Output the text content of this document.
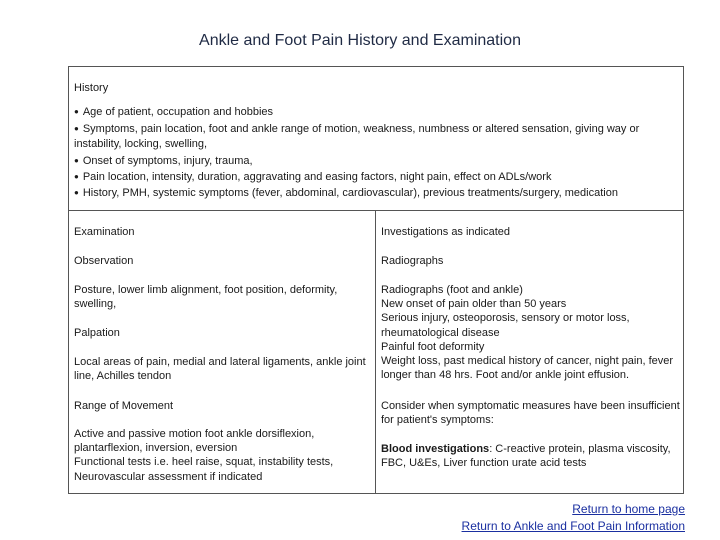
Ankle and Foot Pain History and Examination
History
● Age of patient, occupation and hobbies
● Symptoms, pain location, foot and ankle range of motion, weakness, numbness or altered sensation, giving way or instability, locking, swelling,
● Onset of symptoms, injury, trauma,
● Pain location, intensity, duration, aggravating and easing factors, night pain, effect on ADLs/work
● History, PMH, systemic symptoms (fever, abdominal, cardiovascular), previous treatments/surgery, medication
Examination
Observation
Posture, lower limb alignment, foot position, deformity, swelling,
Palpation
Local areas of pain, medial and lateral ligaments, ankle joint line, Achilles tendon
Range of Movement
Active and passive motion foot ankle dorsiflexion, plantarflexion, inversion, eversion
Functional tests i.e. heel raise, squat, instability tests,
Neurovascular assessment if indicated
Investigations as indicated
Radiographs
Radiographs (foot and ankle)
New onset of pain older than 50 years
Serious injury, osteoporosis, sensory or motor loss, rheumatological disease
Painful foot deformity
Weight loss, past medical history of cancer, night pain, fever longer than 48 hrs. Foot and/or ankle joint effusion.
Consider when symptomatic measures have been insufficient for patient's symptoms:
Blood investigations: C-reactive protein, plasma viscosity, FBC, U&Es, Liver function urate acid tests
Return to home page
Return to Ankle and Foot Pain Information
